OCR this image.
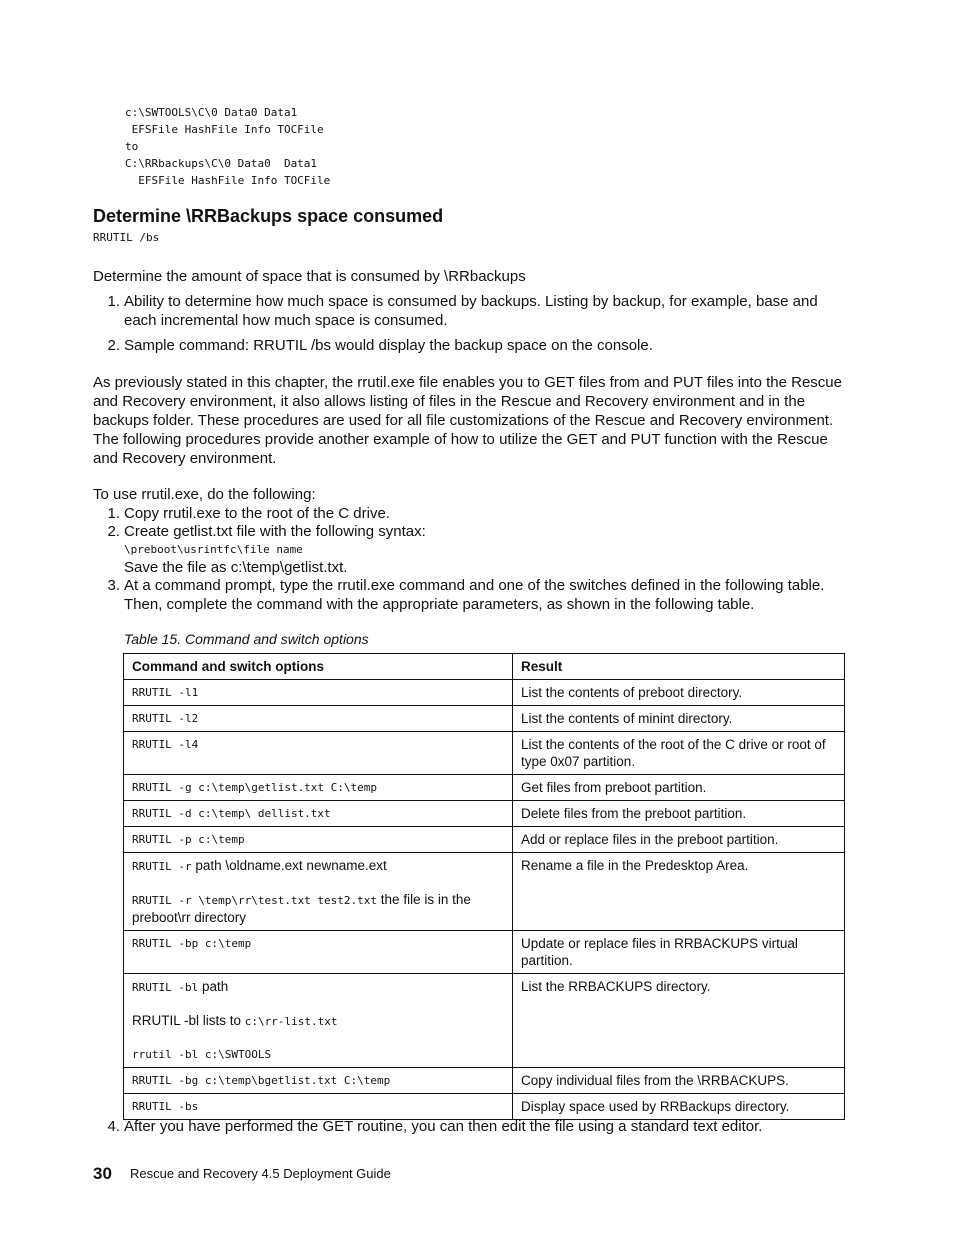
c:\SWTOOLS\C\0 Data0 Data1
EFSFile HashFile Info TOCFile
to
C:\RRbackups\C\0 Data0  Data1
EFSFile HashFile Info TOCFile
Determine \RRBackups space consumed
RRUTIL /bs

Determine the amount of space that is consumed by \RRbackups

1. Ability to determine how much space is consumed by backups. Listing by backup, for example, base and each incremental how much space is consumed.
2. Sample command: RRUTIL /bs would display the backup space on the console.

As previously stated in this chapter, the rrutil.exe file enables you to GET files from and PUT files into the Rescue and Recovery environment, it also allows listing of files in the Rescue and Recovery environment and in the backups folder. These procedures are used for all file customizations of the Rescue and Recovery environment. The following procedures provide another example of how to utilize the GET and PUT function with the Rescue and Recovery environment.

To use rrutil.exe, do the following:

1. Copy rrutil.exe to the root of the C drive.
2. Create getlist.txt file with the following syntax:
\preboot\usrintfc\file name
Save the file as c:\temp\getlist.txt.
3. At a command prompt, type the rrutil.exe command and one of the switches defined in the following table. Then, complete the command with the appropriate parameters, as shown in the following table.
Table 15. Command and switch options
Command and switch options	Result
RRUTIL -l1	List the contents of preboot directory.
RRUTIL -l2	List the contents of minint directory.
RRUTIL -l4	List the contents of the root of the C drive or root of type 0x07 partition.
RRUTIL -g c:\temp\getlist.txt C:\temp	Get files from preboot partition.
RRUTIL -d c:\temp\ dellist.txt	Delete files from the preboot partition.
RRUTIL -p c:\temp	Add or replace files in the preboot partition.

RRUTIL -r path \oldname.ext newname.ext
RRUTIL -r \temp\rr\test.txt test2.txt the file is in the preboot\rr directory	Rename a file in the Predesktop Area.
RRUTIL -bp c:\temp	Update or replace files in RRBACKUPS virtual partition.

RRUTIL -bl path
RRUTIL -bl lists to c:\rr-list.txt
rrutil -bl c:\SWTOOLS	List the RRBACKUPS directory.
RRUTIL -bg c:\temp\bgetlist.txt C:\temp	Copy individual files from the \RRBACKUPS.
RRUTIL -bs	Display space used by RRBackups directory.
4. After you have performed the GET routine, you can then edit the file using a standard text editor.
30 Rescue and Recovery 4.5 Deployment Guide
